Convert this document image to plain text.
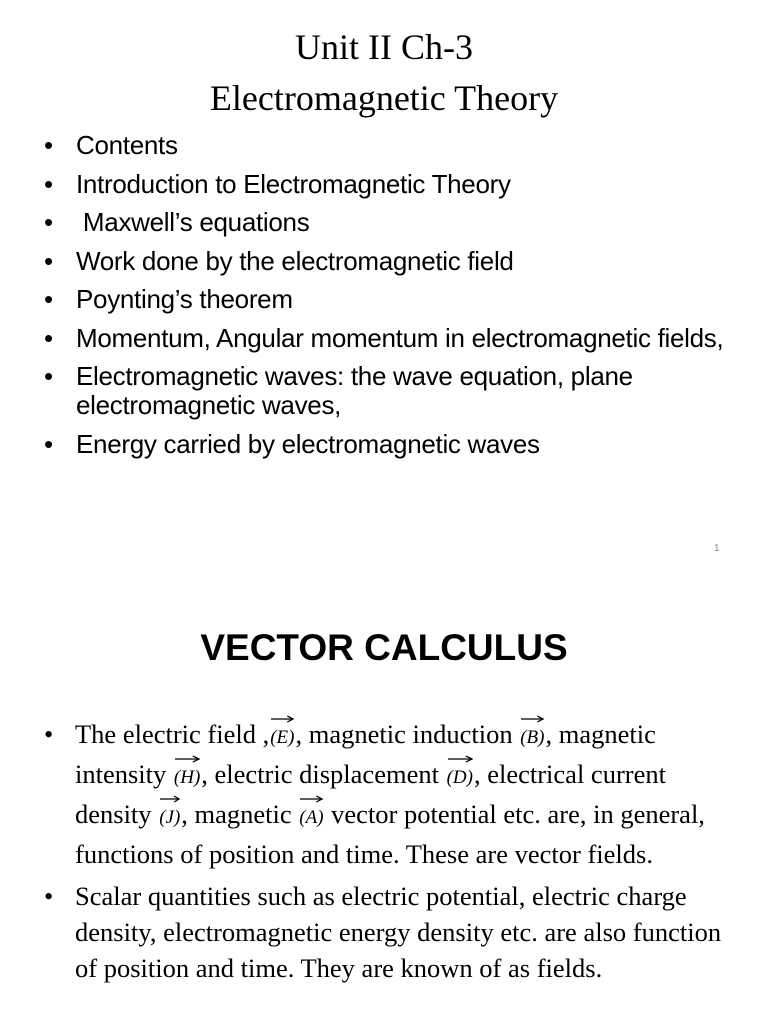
Unit II Ch-3
Electromagnetic Theory
• Contents
• Introduction to Electromagnetic Theory
• Maxwell’s equations
• Work done by the electromagnetic field
• Poynting’s theorem
• Momentum, Angular momentum in electromagnetic fields,
• Electromagnetic waves: the wave equation, plane electromagnetic waves,
• Energy carried by electromagnetic waves
1
VECTOR CALCULUS
• The electric field ,
(E), magnetic induction
(B), magnetic intensity
(H), electric displacement
(D), electrical current density
(J), magnetic
(A) vector potential etc. are, in general, functions of position and time. These are vector fields.
• Scalar quantities such as electric potential, electric charge density, electromagnetic energy density etc. are also function of position and time. They are known of as fields.
